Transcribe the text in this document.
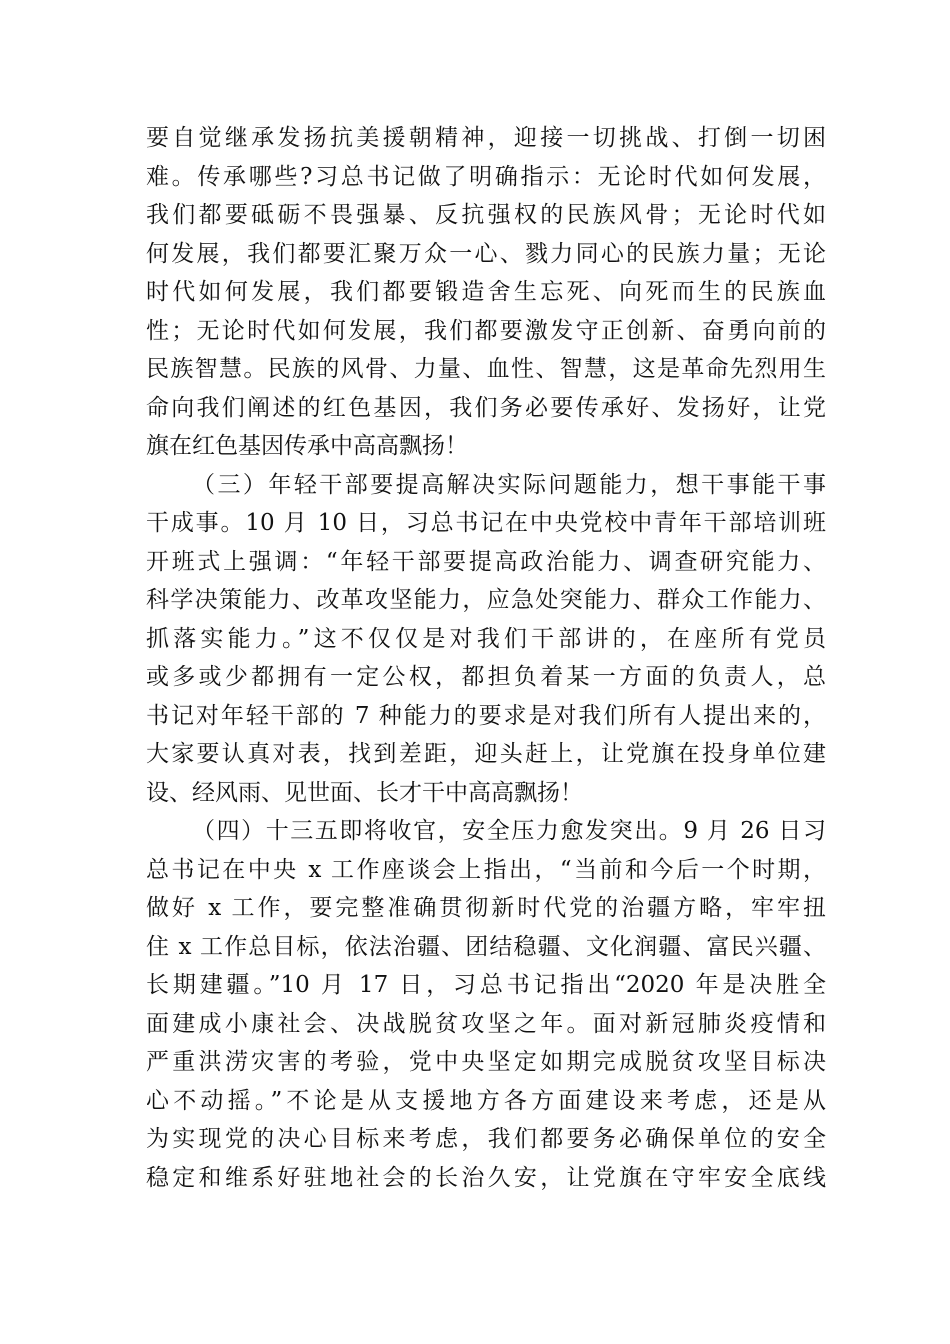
要自觉继承发扬抗美援朝精神，迎接一切挑战、打倒一切困
难。传承哪些?习总书记做了明确指示：无论时代如何发展，
我们都要砥砺不畏强暴、反抗强权的民族风骨；无论时代如
何发展，我们都要汇聚万众一心、戮力同心的民族力量；无论
时代如何发展，我们都要锻造舍生忘死、向死而生的民族血
性；无论时代如何发展，我们都要激发守正创新、奋勇向前的
民族智慧。民族的风骨、力量、血性、智慧，这是革命先烈用生
命向我们阐述的红色基因，我们务必要传承好、发扬好，让党
旗在红色基因传承中高高飘扬！
（三）年轻干部要提高解决实际问题能力，想干事能干事
干成事。10 月 10 日，习总书记在中央党校中青年干部培训班
开班式上强调：“年轻干部要提高政治能力、调查研究能力、
科学决策能力、改革攻坚能力，应急处突能力、群众工作能力、
抓落实能力。”这不仅仅是对我们干部讲的，在座所有党员
或多或少都拥有一定公权，都担负着某一方面的负责人，总
书记对年轻干部的 7 种能力的要求是对我们所有人提出来的，
大家要认真对表，找到差距，迎头赶上，让党旗在投身单位建
设、经风雨、见世面、长才干中高高飘扬！
（四）十三五即将收官，安全压力愈发突出。9 月 26 日习
总书记在中央 x 工作座谈会上指出，“当前和今后一个时期，
做好 x 工作，要完整准确贯彻新时代党的治疆方略，牢牢扭
住 x 工作总目标，依法治疆、团结稳疆、文化润疆、富民兴疆、
长期建疆。”10 月 17 日，习总书记指出“2020 年是决胜全
面建成小康社会、决战脱贫攻坚之年。面对新冠肺炎疫情和
严重洪涝灾害的考验，党中央坚定如期完成脱贫攻坚目标决
心不动摇。”不论是从支援地方各方面建设来考虑，还是从
为实现党的决心目标来考虑，我们都要务必确保单位的安全
稳定和维系好驻地社会的长治久安，让党旗在守牢安全底线
